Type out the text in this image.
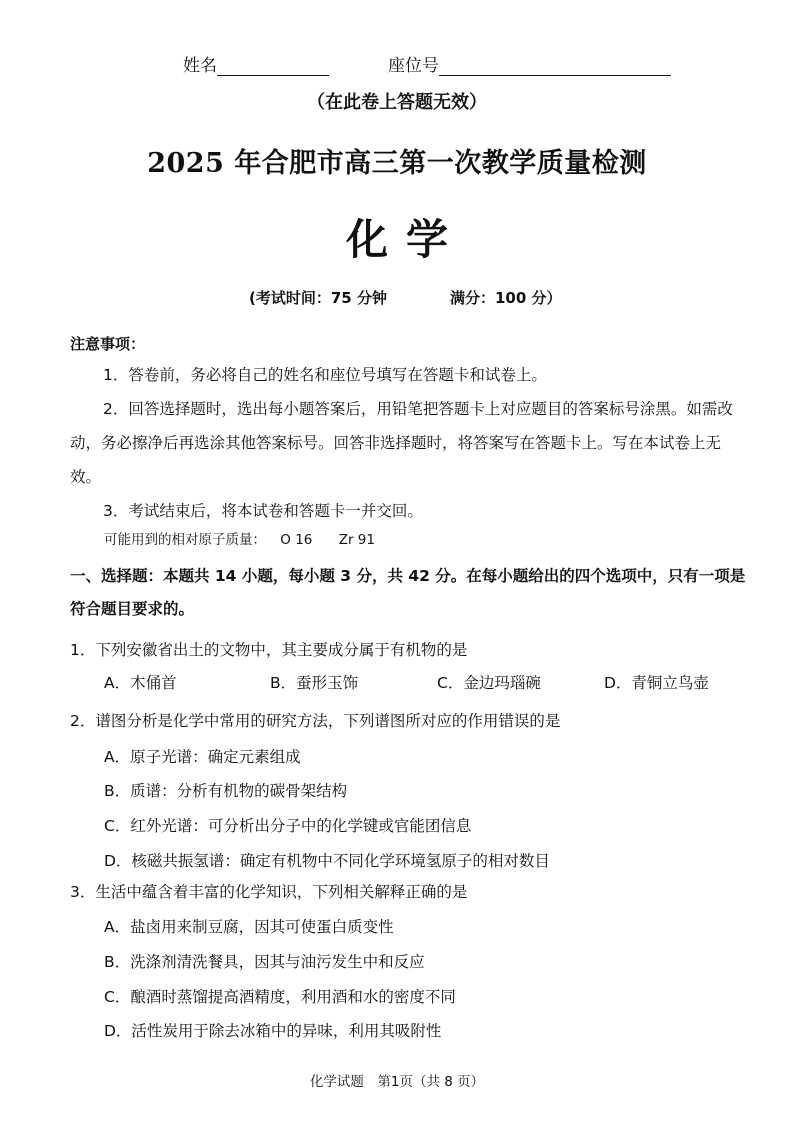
姓名	座位号
（在此卷上答题无效）
2025 年合肥市高三第一次教学质量检测
化学
(考试时间：75 分钟	满分：100 分）
注意事项：

1．答卷前，务必将自己的姓名和座位号填写在答题卡和试卷上。

2．回答选择题时，选出每小题答案后，用铅笔把答题卡上对应题目的答案标号涂黑。如需改动，务必擦净后再选涂其他答案标号。回答非选择题时，将答案写在答题卡上。写在本试卷上无效。

3．考试结束后，将本试卷和答题卡一并交回。

可能用到的相对原子质量： O 16 Zr 91
一、选择题：本题共 14 小题，每小题 3 分，共 42 分。在每小题给出的四个选项中，只有一项是符合题目要求的。
1．下列安徽省出土的文物中，其主要成分属于有机物的是
A．木俑首	B．蚕形玉饰	C．金边玛瑙碗	D．青铜立鸟壶
2．谱图分析是化学中常用的研究方法，下列谱图所对应的作用错误的是
A．原子光谱：确定元素组成
B．质谱：分析有机物的碳骨架结构
C．红外光谱：可分析出分子中的化学键或官能团信息
D．核磁共振氢谱：确定有机物中不同化学环境氢原子的相对数目
3．生活中蕴含着丰富的化学知识，下列相关解释正确的是
A．盐卤用来制豆腐，因其可使蛋白质变性
B．洗涤剂清洗餐具，因其与油污发生中和反应
C．酿酒时蒸馏提高酒精度，利用酒和水的密度不同
D．活性炭用于除去冰箱中的异味，利用其吸附性
化学试题　第1页（共 8 页）
